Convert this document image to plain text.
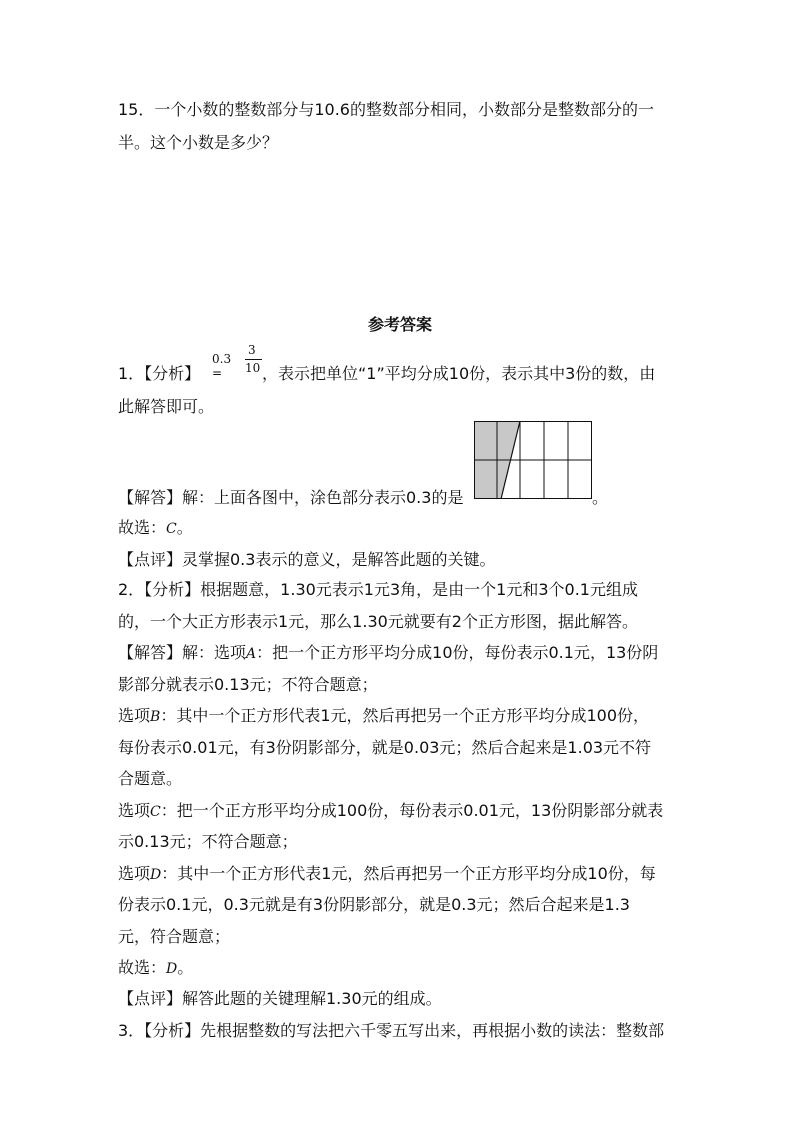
15．一个小数的整数部分与10.6的整数部分相同，小数部分是整数部分的一
半。这个小数是多少？
参考答案
1．【分析】
0.3 =
3
10 ，表示把单位“1”平均分成10份，表示其中3份的数，由
此解答即可。
【解答】解：上面各图中，涂色部分表示0.3的是	。
故选：C。
【点评】灵掌握0.3表示的意义，是解答此题的关键。
2．【分析】根据题意，1.30元表示1元3角，是由一个1元和3个0.1元组成
的，一个大正方形表示1元，那么1.30元就要有2个正方形图，据此解答。
【解答】解：选项A：把一个正方形平均分成10份，每份表示0.1元，13份阴
影部分就表示0.13元；不符合题意；
选项B：其中一个正方形代表1元，然后再把另一个正方形平均分成100份，
每份表示0.01元，有3份阴影部分，就是0.03元；然后合起来是1.03元不符
合题意。
选项C：把一个正方形平均分成100份，每份表示0.01元，13份阴影部分就表
示0.13元；不符合题意；
选项D：其中一个正方形代表1元，然后再把另一个正方形平均分成10份，每
份表示0.1元，0.3元就是有3份阴影部分，就是0.3元；然后合起来是1.3
元，符合题意；
故选：D。
【点评】解答此题的关键理解1.30元的组成。
3．【分析】先根据整数的写法把六千零五写出来，再根据小数的读法：整数部
